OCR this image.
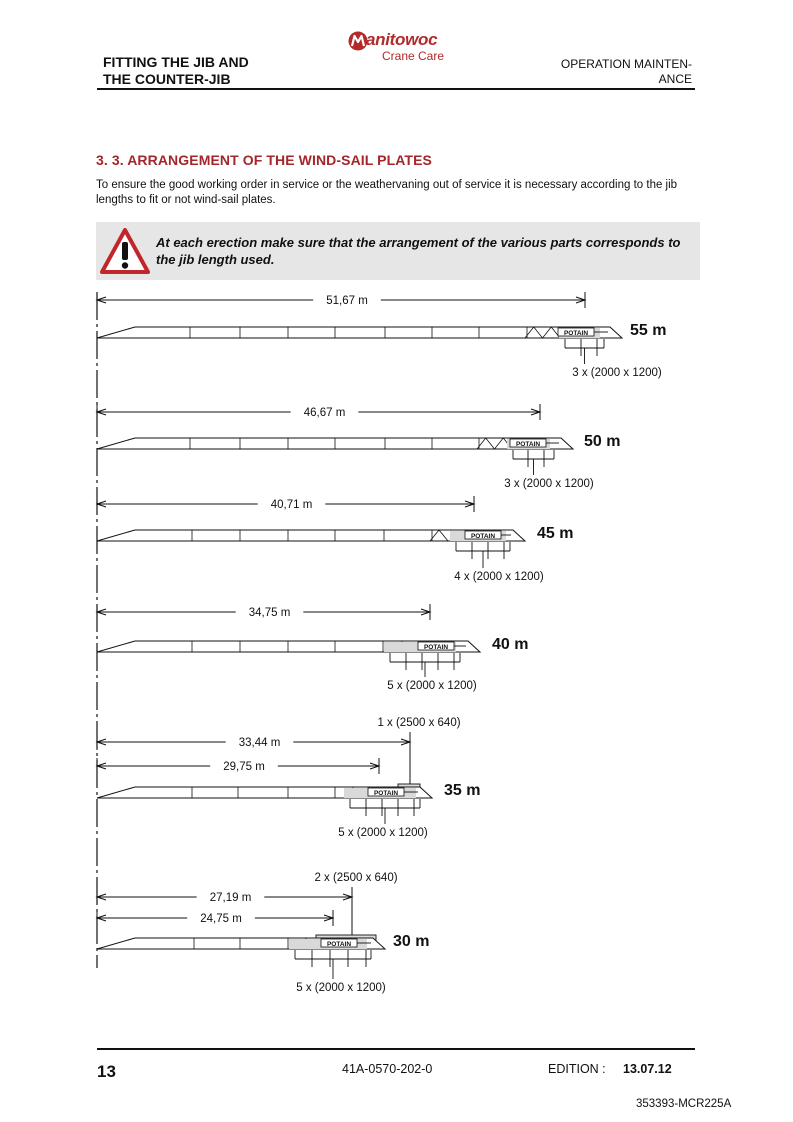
FITTING THE JIB AND
THE COUNTER-JIB
anitowoc
Crane Care
OPERATION MAINTEN-
ANCE
3. 3. ARRANGEMENT OF THE WIND-SAIL PLATES
To ensure the good working order in service or the weathervaning out of service it is necessary according to the jib lengths to fit or not wind-sail plates.
At each erection make sure that the arrangement of the various parts corresponds to the jib length used.
51,67 m
POTAIN
3 x (2000 x 1200)
55 m
46,67 m
POTAIN
3 x (2000 x 1200)
50 m
40,71 m
POTAIN
4 x (2000 x 1200)
45 m
34,75 m
POTAIN
5 x (2000 x 1200)
40 m
33,44 m
29,75 m
1 x (2500 x 640)
POTAIN
5 x (2000 x 1200)
35 m
27,19 m
24,75 m
2 x (2500 x 640)
POTAIN
5 x (2000 x 1200)
30 m
13	41A-0570-202-0	EDITION : 13.07.12
353393-MCR225A
